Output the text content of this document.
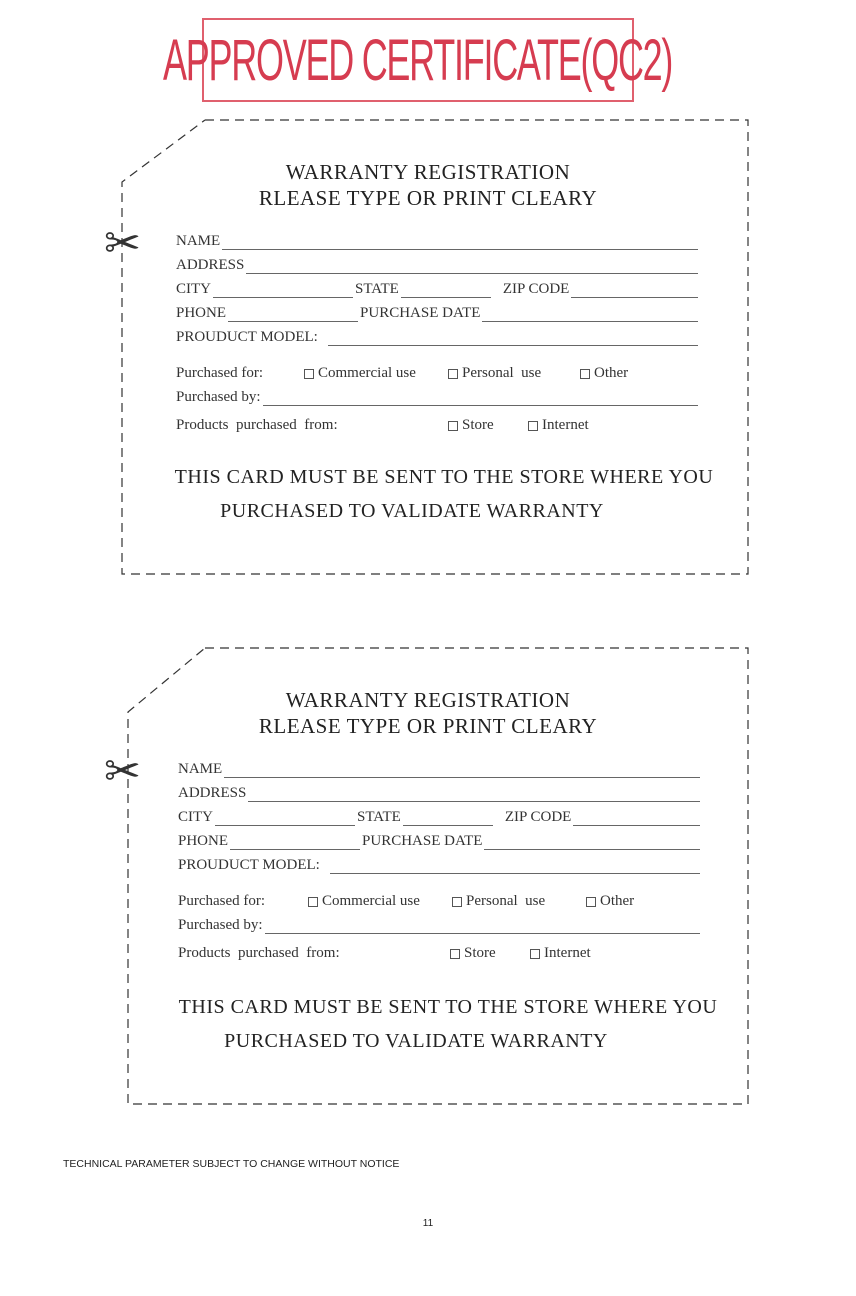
APPROVED CERTIFICATE(QC2)
✂
WARRANTY REGISTRATION
RLEASE TYPE OR PRINT CLEARY
NAME
ADDRESS
CITY	STATE	ZIP CODE
PHONE	PURCHASE DATE
PROUDUCT MODEL:
Purchased for:	Commercial use	Personal  use	Other
Purchased by:
Products  purchased  from:	Store	Internet
THIS CARD MUST BE SENT TO THE STORE WHERE YOU
PURCHASED TO VALIDATE WARRANTY
✂
WARRANTY REGISTRATION
RLEASE TYPE OR PRINT CLEARY
NAME
ADDRESS
CITY	STATE	ZIP CODE
PHONE	PURCHASE DATE
PROUDUCT MODEL:
Purchased for:	Commercial use	Personal  use	Other
Purchased by:
Products  purchased  from:	Store	Internet
THIS CARD MUST BE SENT TO THE STORE WHERE YOU
PURCHASED TO VALIDATE WARRANTY
TECHNICAL PARAMETER SUBJECT TO CHANGE WITHOUT NOTICE
11
